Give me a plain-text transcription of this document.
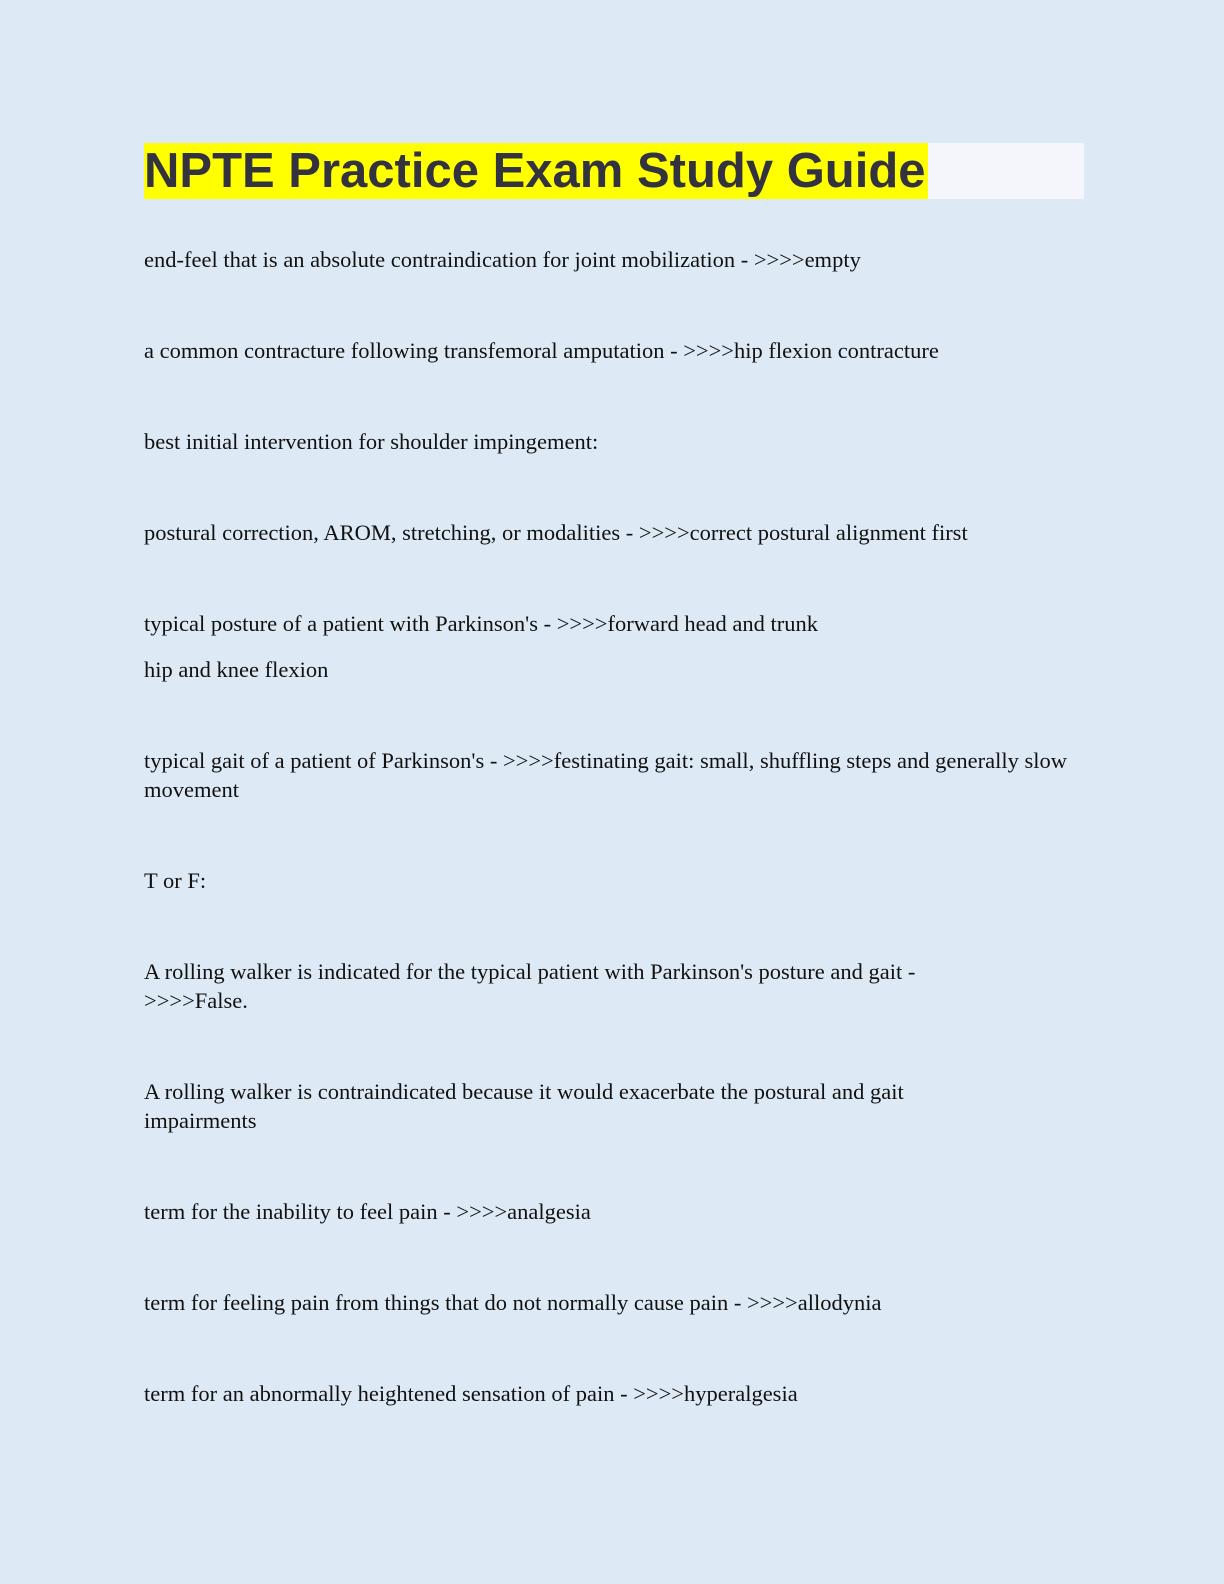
NPTE Practice Exam Study Guide

end-feel that is an absolute contraindication for joint mobilization - >>>>empty

a common contracture following transfemoral amputation - >>>>hip flexion contracture

best initial intervention for shoulder impingement:

postural correction, AROM, stretching, or modalities - >>>>correct postural alignment first

typical posture of a patient with Parkinson's - >>>>forward head and trunk

hip and knee flexion

typical gait of a patient of Parkinson's - >>>>festinating gait: small, shuffling steps and generally slow movement

T or F:

A rolling walker is indicated for the typical patient with Parkinson's posture and gait - >>>>False.

A rolling walker is contraindicated because it would exacerbate the postural and gait impairments

term for the inability to feel pain - >>>>analgesia

term for feeling pain from things that do not normally cause pain - >>>>allodynia

term for an abnormally heightened sensation of pain - >>>>hyperalgesia
